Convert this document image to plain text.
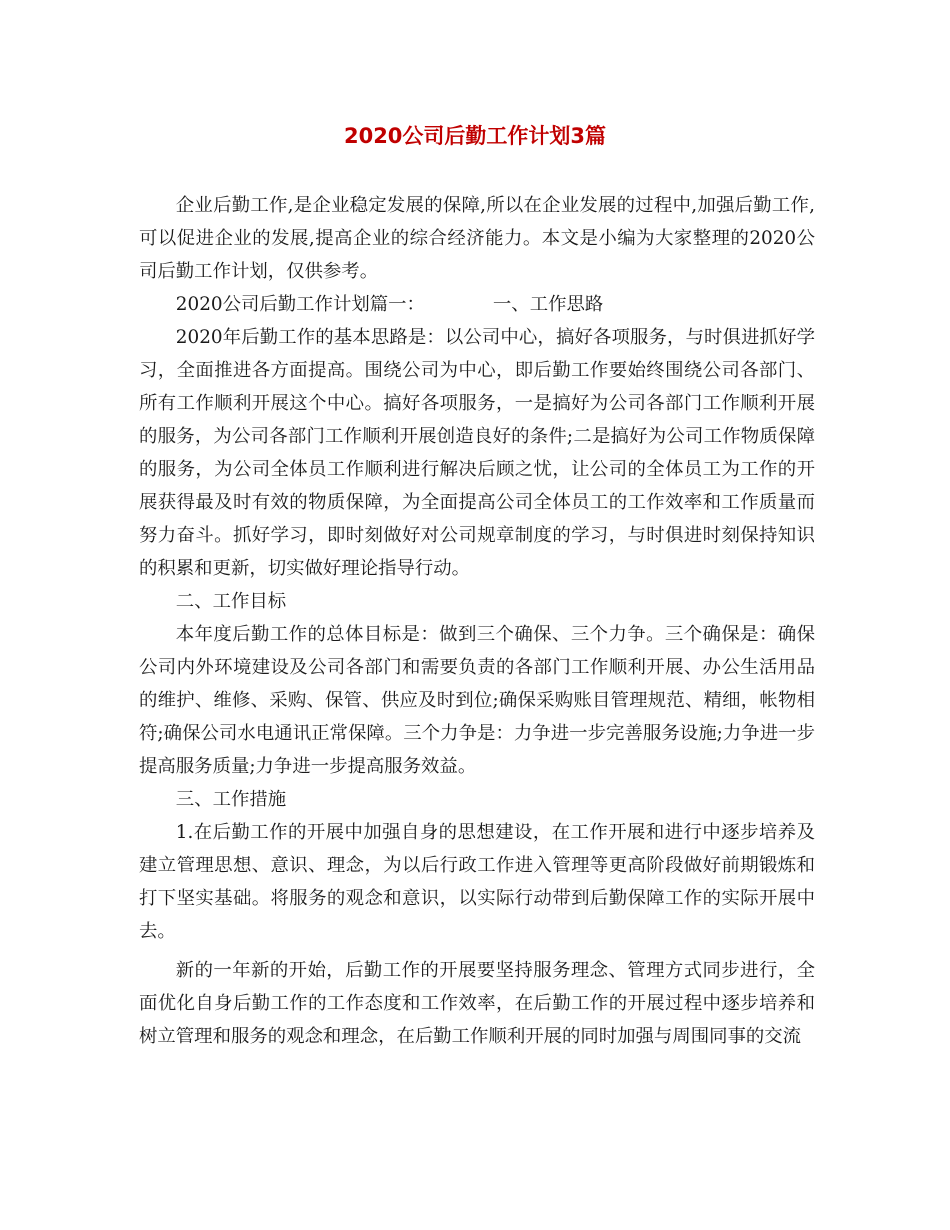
2020公司后勤工作计划3篇

企业后勤工作,是企业稳定发展的保障,所以在企业发展的过程中,加强后勤工作,可以促进企业的发展,提高企业的综合经济能力。本文是小编为大家整理的2020公司后勤工作计划，仅供参考。

2020公司后勤工作计划篇一：	一、工作思路

2020年后勤工作的基本思路是：以公司中心，搞好各项服务，与时俱进抓好学习，全面推进各方面提高。围绕公司为中心，即后勤工作要始终围绕公司各部门、所有工作顺利开展这个中心。搞好各项服务，一是搞好为公司各部门工作顺利开展的服务，为公司各部门工作顺利开展创造良好的条件;二是搞好为公司工作物质保障的服务，为公司全体员工作顺利进行解决后顾之忧，让公司的全体员工为工作的开展获得最及时有效的物质保障，为全面提高公司全体员工的工作效率和工作质量而努力奋斗。抓好学习，即时刻做好对公司规章制度的学习，与时俱进时刻保持知识的积累和更新，切实做好理论指导行动。

二、工作目标

本年度后勤工作的总体目标是：做到三个确保、三个力争。三个确保是：确保公司内外环境建设及公司各部门和需要负责的各部门工作顺利开展、办公生活用品的维护、维修、采购、保管、供应及时到位;确保采购账目管理规范、精细，帐物相符;确保公司水电通讯正常保障。三个力争是：力争进一步完善服务设施;力争进一步提高服务质量;力争进一步提高服务效益。

三、工作措施

1.在后勤工作的开展中加强自身的思想建设，在工作开展和进行中逐步培养及建立管理思想、意识、理念，为以后行政工作进入管理等更高阶段做好前期锻炼和打下坚实基础。将服务的观念和意识，以实际行动带到后勤保障工作的实际开展中去。

新的一年新的开始，后勤工作的开展要坚持服务理念、管理方式同步进行，全面优化自身后勤工作的工作态度和工作效率，在后勤工作的开展过程中逐步培养和树立管理和服务的观念和理念，在后勤工作顺利开展的同时加强与周围同事的交流
